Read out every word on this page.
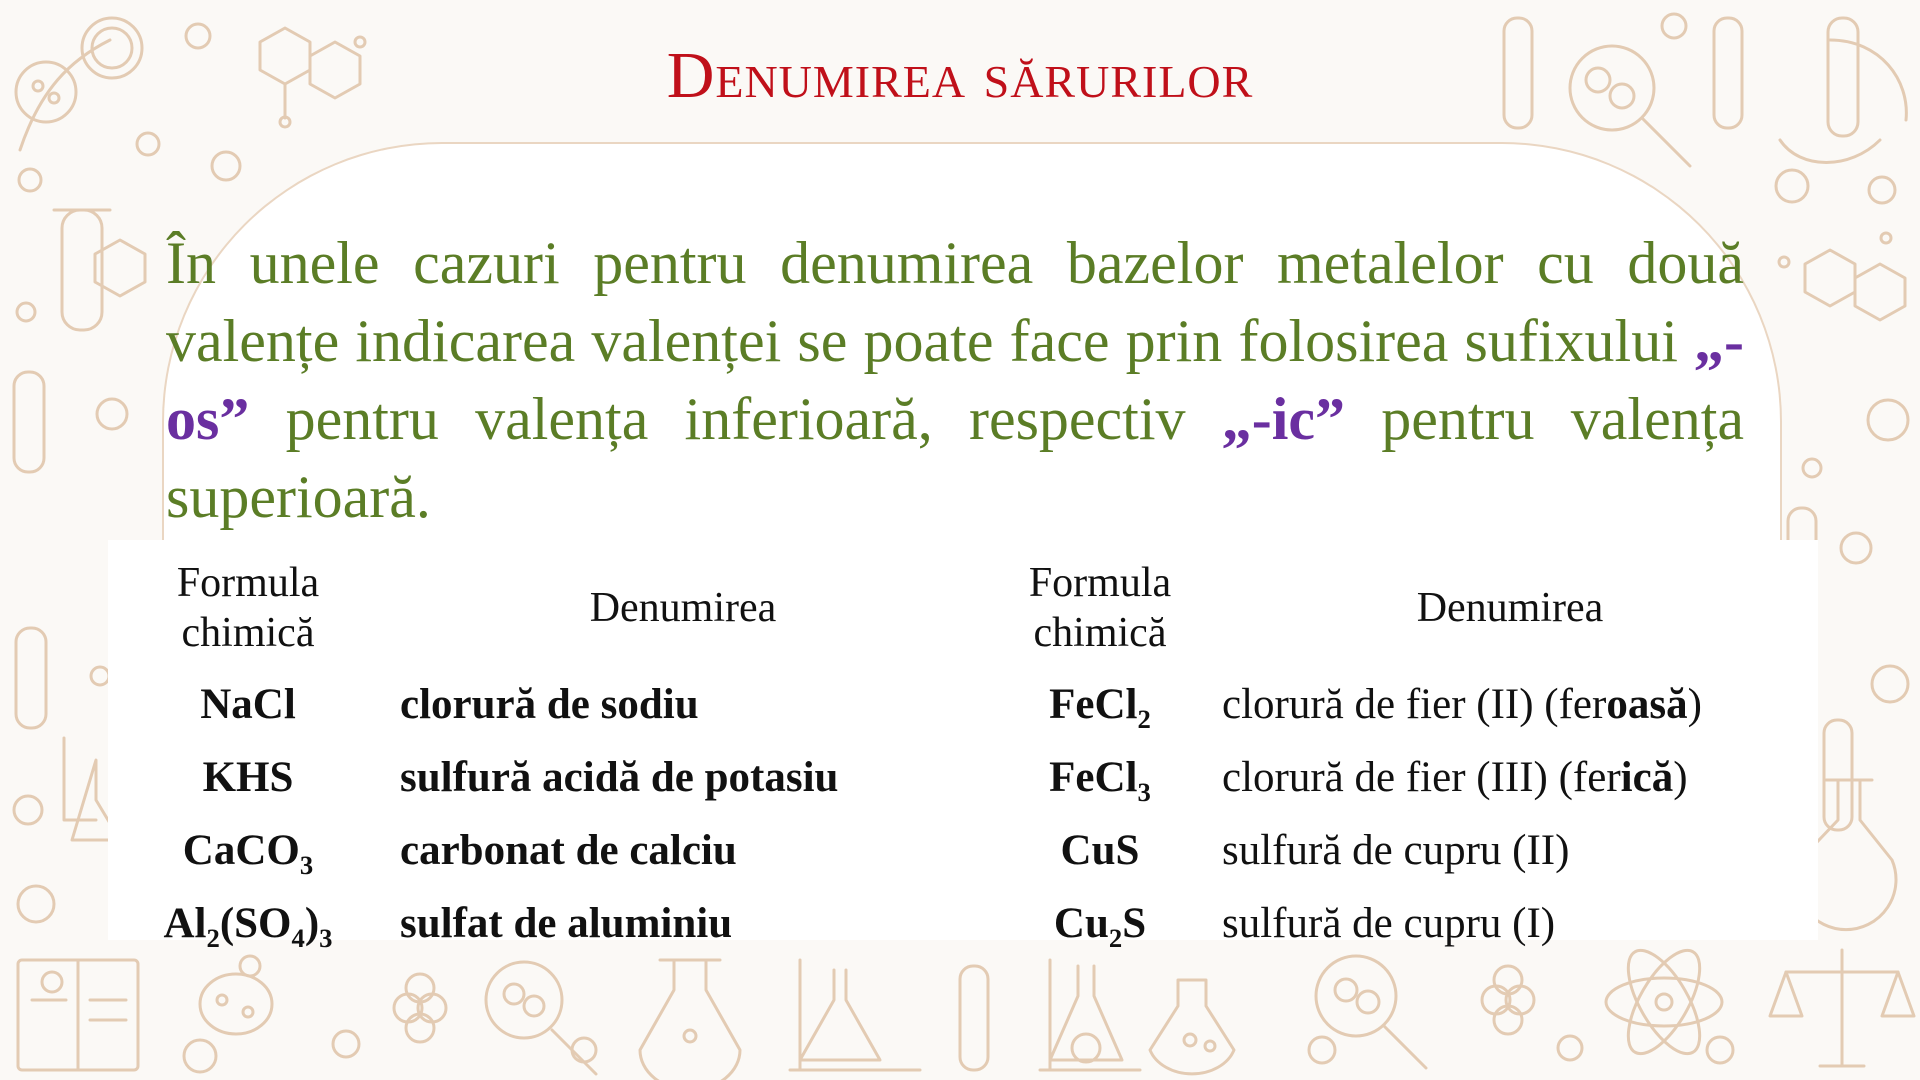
Denumirea sărurilor
În unele cazuri pentru denumirea bazelor metalelor cu două valențe indicarea valenței se poate face prin folosirea sufixului „-os” pentru valența inferioară, respectiv „-ic” pentru valența superioară.
Formula chimică	Denumirea	Formula chimică	Denumirea
NaCl	clorură de sodiu	FeCl$_2$	clorură de fier (II) (feroasă)
KHS	sulfură acidă de potasiu	FeCl$_3$	clorură de fier (III) (ferică)
CaCO$_3$	carbonat de calciu	CuS	sulfură de cupru (II)
$Al_2(SO_4)_3$	sulfat de aluminiu	$Cu_2S$	sulfură de cupru (I)
